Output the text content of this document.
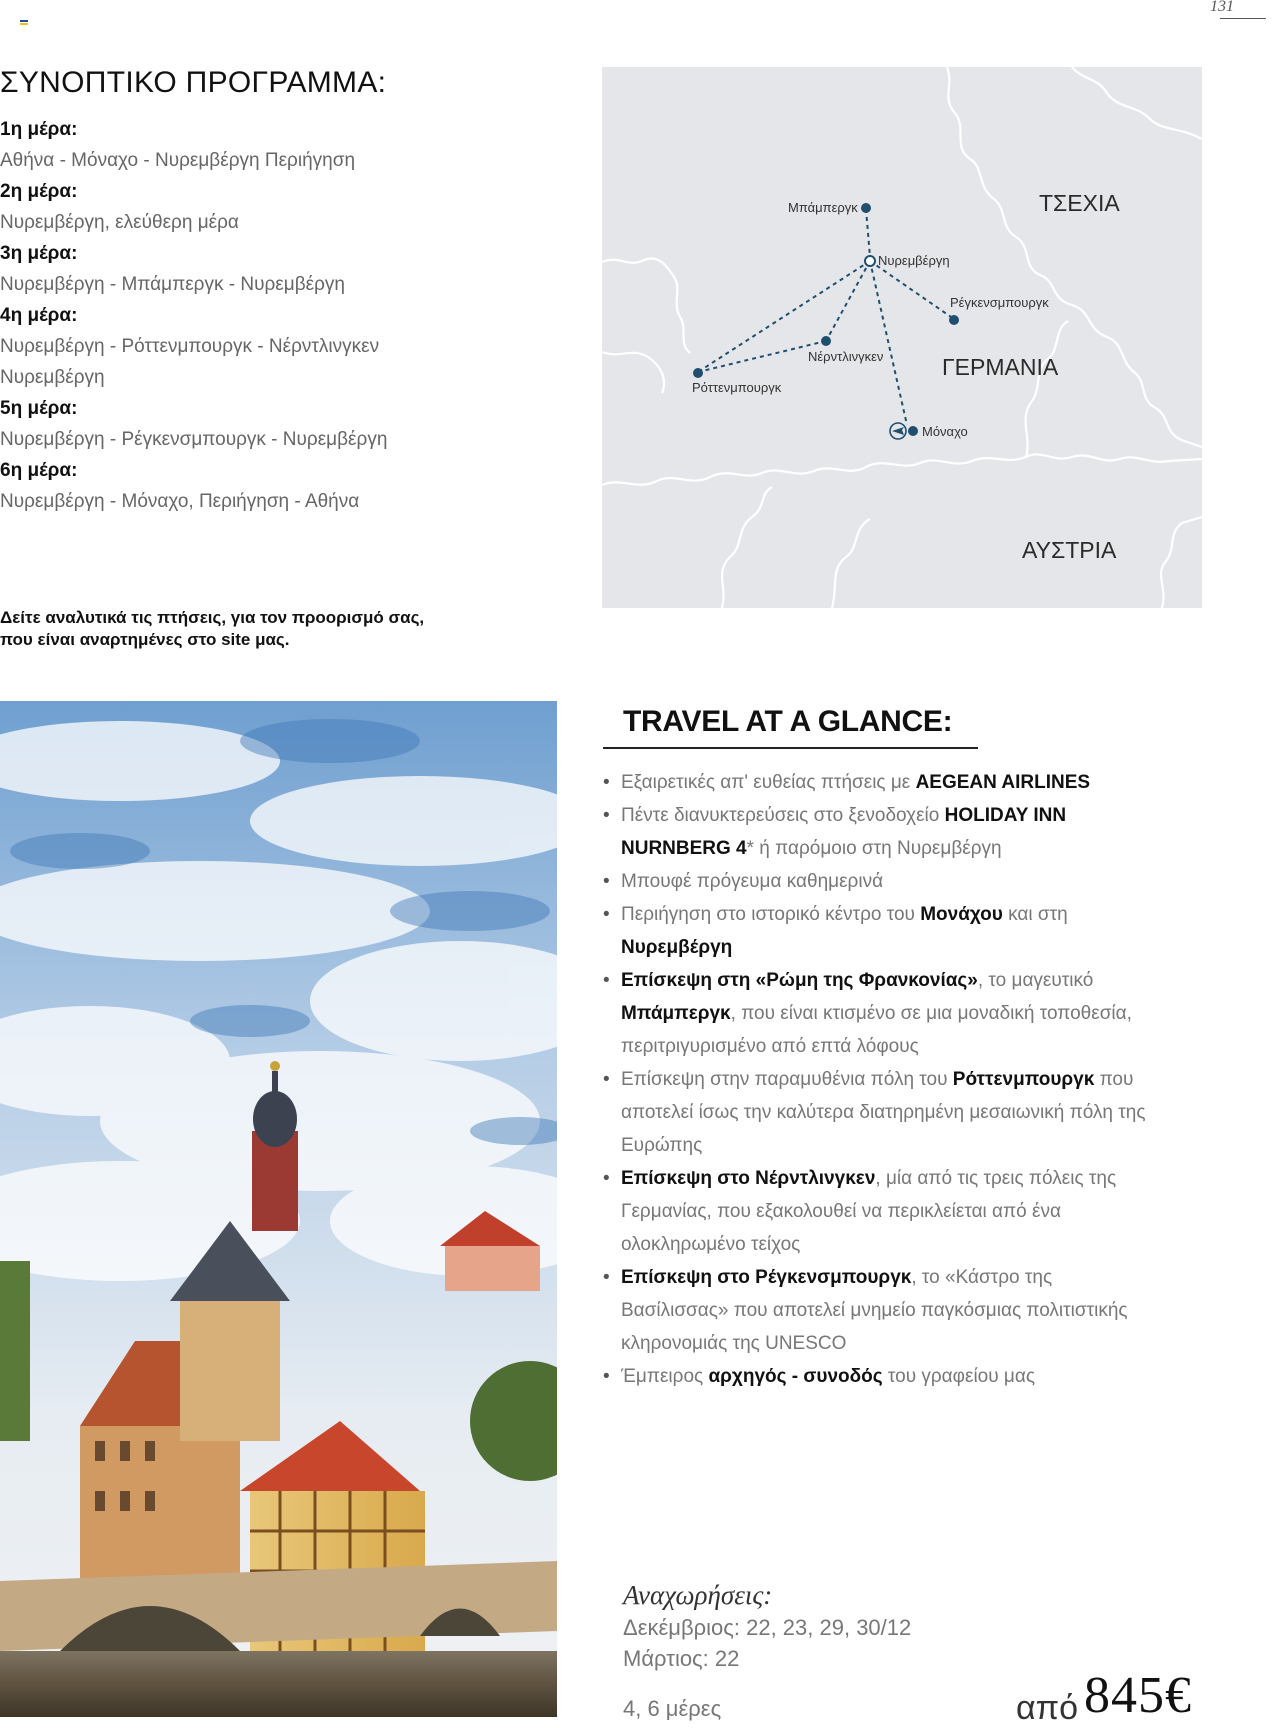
131
ΣΥΝΟΠΤΙΚΟ ΠΡΟΓΡΑΜΜΑ:
1η μέρα:
Αθήνα - Μόναχο - Νυρεμβέργη Περιήγηση
2η μέρα:
Νυρεμβέργη, ελεύθερη μέρα
3η μέρα:
Νυρεμβέργη - Μπάμπεργκ - Νυρεμβέργη
4η μέρα:
Νυρεμβέργη - Ρόττενμπουργκ - Νέρντλινγκεν
Νυρεμβέργη
5η μέρα:
Νυρεμβέργη - Ρέγκενσμπουργκ - Νυρεμβέργη
6η μέρα:
Νυρεμβέργη - Μόναχο, Περιήγηση - Αθήνα
Δείτε αναλυτικά τις πτήσεις, για τον προορισμό σας,
που είναι αναρτημένες στο site μας.
Μπάμπεργκ
Νυρεμβέργη
Ρέγκενσμπουργκ
Νέρντλινγκεν
Ρόττενμπουργκ
Μόναχο
ΤΣΕΧΙΑ
ΓΕΡΜΑΝΙΑ
ΑΥΣΤΡΙΑ
TRAVEL AT A GLANCE:
• Εξαιρετικές απ' ευθείας πτήσεις με AEGEAN AIRLINES
• Πέντε διανυκτερεύσεις στο ξενοδοχείο HOLIDAY INN NURNBERG 4* ή παρόμοιο στη Νυρεμβέργη
• Μπουφέ πρόγευμα καθημερινά
• Περιήγηση στο ιστορικό κέντρο του Μονάχου και στη Νυρεμβέργη
• Επίσκεψη στη «Ρώμη της Φρανκονίας», το μαγευτικό Μπάμπεργκ, που είναι κτισμένο σε μια μοναδική τοποθεσία, περιτριγυρισμένο από επτά λόφους
• Επίσκεψη στην παραμυθένια πόλη του Ρόττενμπουργκ που αποτελεί ίσως την καλύτερα διατηρημένη μεσαιωνική πόλη της Ευρώπης
• Επίσκεψη στο Νέρντλινγκεν, μία από τις τρεις πόλεις της Γερμανίας, που εξακολουθεί να περικλείεται από ένα ολοκληρωμένο τείχος
• Επίσκεψη στο Ρέγκενσμπουργκ, το «Κάστρο της Βασίλισσας» που αποτελεί μνημείο παγκόσμιας πολιτιστικής κληρονομιάς της UNESCO
• Έμπειρος αρχηγός - συνοδός του γραφείου μας
Αναχωρήσεις:
Δεκέμβριος: 22, 23, 29, 30/12
Μάρτιος: 22
4, 6 μέρες	από 845€
